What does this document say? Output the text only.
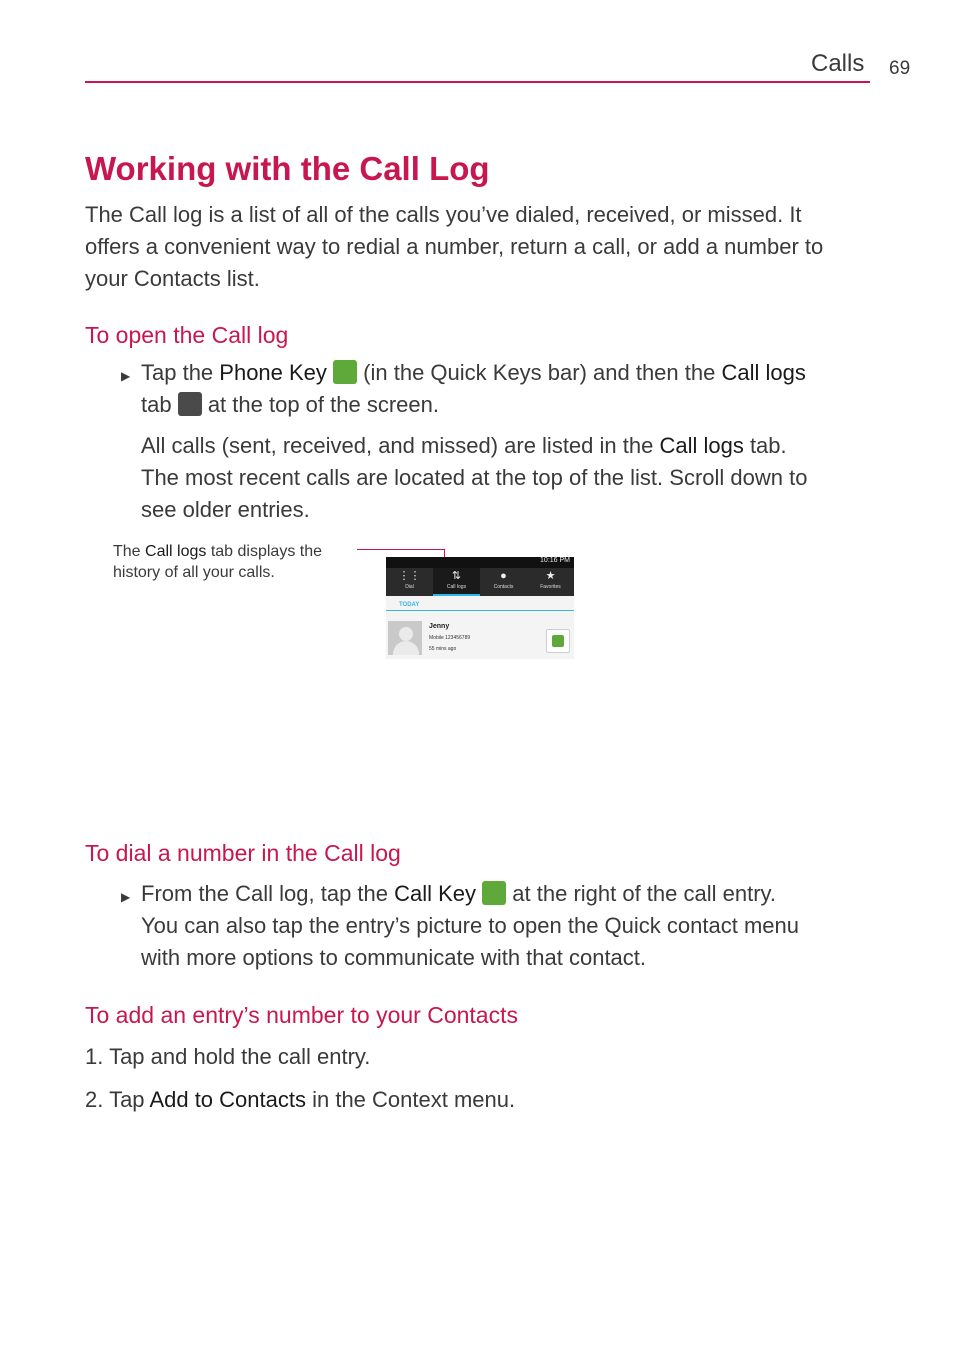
Calls 69
Working with the Call Log
The Call log is a list of all of the calls you’ve dialed, received, or missed. It
offers a convenient way to redial a number, return a call, or add a number to
your Contacts list.
To open the Call log
▶ Tap the Phone Key  (in the Quick Keys bar) and then the Call logs
tab  at the top of the screen.
All calls (sent, received, and missed) are listed in the Call logs tab.
The most recent calls are located at the top of the list. Scroll down to
see older entries.
The Call logs tab displays the
history of all your calls.
10:16 PM
⋮⋮
Dial
⇅
Call logs
●
Contacts
★
Favorites
TODAY
Jenny
Mobile 123456789
55 mins ago
To dial a number in the Call log
▶ From the Call log, tap the Call Key  at the right of the call entry.
You can also tap the entry’s picture to open the Quick contact menu
with more options to communicate with that contact.
To add an entry’s number to your Contacts
1. Tap and hold the call entry.
2. Tap Add to Contacts in the Context menu.
